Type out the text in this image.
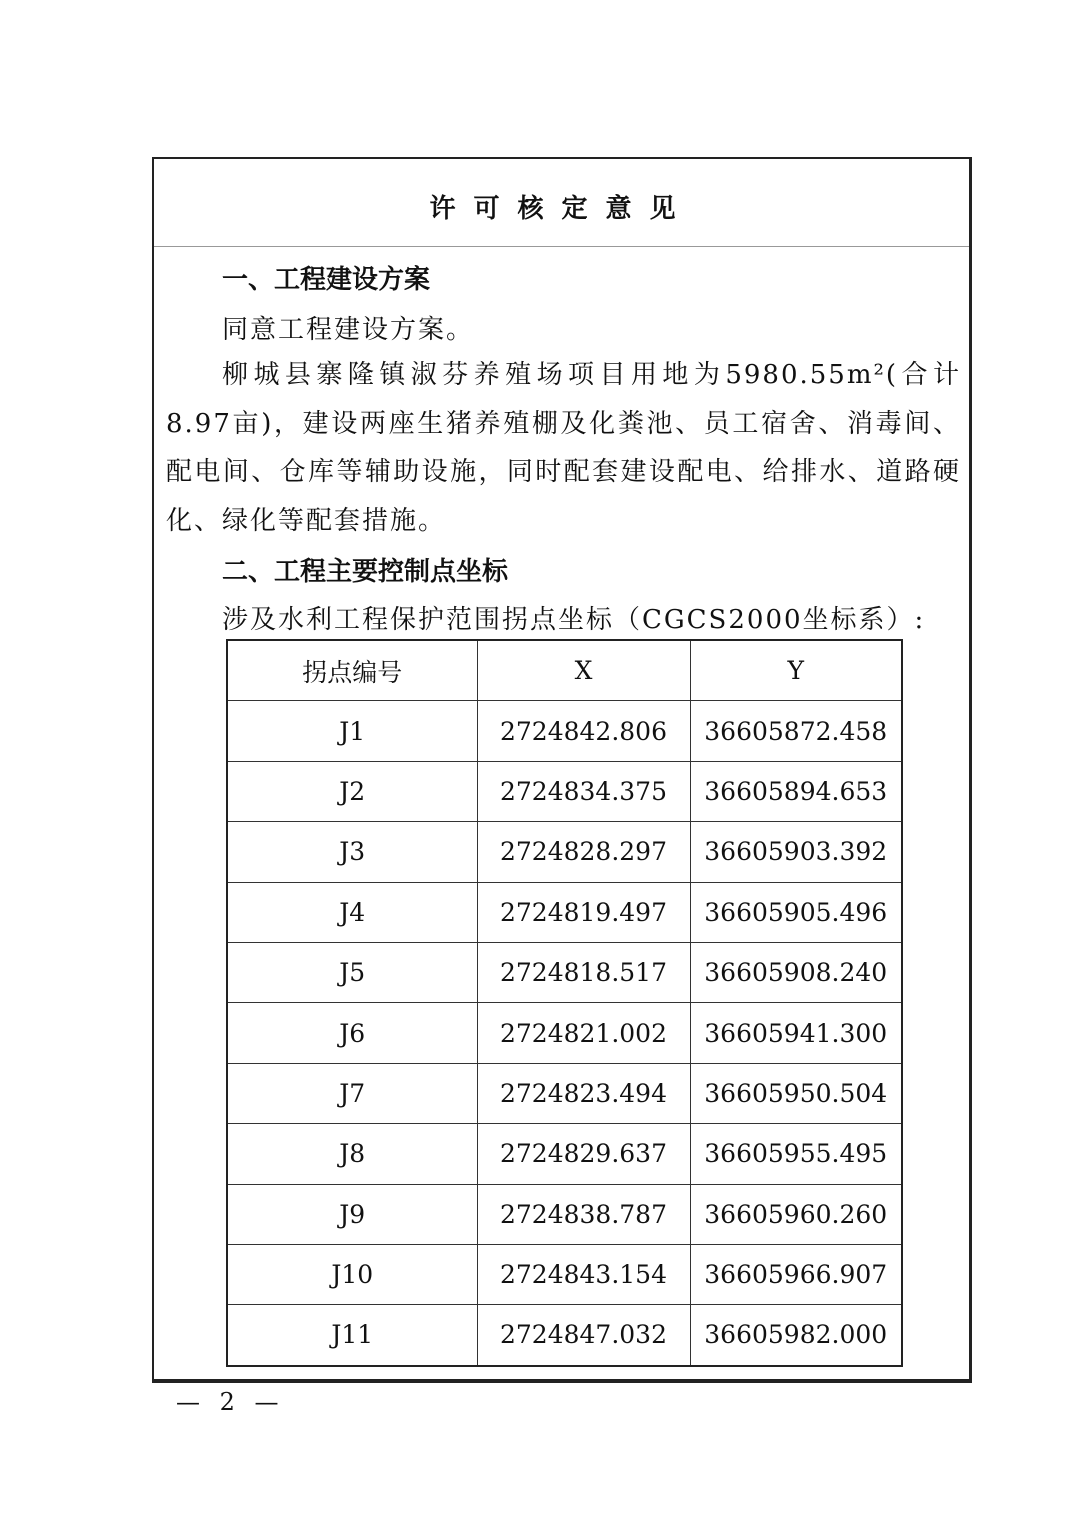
许可核定意见
一、工程建设方案
同意工程建设方案。
柳城县寨隆镇淑芬养殖场项目用地为5980.55m²(合计8.97亩)，建设两座生猪养殖棚及化粪池、员工宿舍、消毒间、配电间、仓库等辅助设施，同时配套建设配电、给排水、道路硬化、绿化等配套措施。
二、工程主要控制点坐标
涉及水利工程保护范围拐点坐标（CGCS2000坐标系）:
拐点编号	X	Y
J1	2724842.806	36605872.458
J2	2724834.375	36605894.653
J3	2724828.297	36605903.392
J4	2724819.497	36605905.496
J5	2724818.517	36605908.240
J6	2724821.002	36605941.300
J7	2724823.494	36605950.504
J8	2724829.637	36605955.495
J9	2724838.787	36605960.260
J10	2724843.154	36605966.907
J11	2724847.032	36605982.000
— 2 —
